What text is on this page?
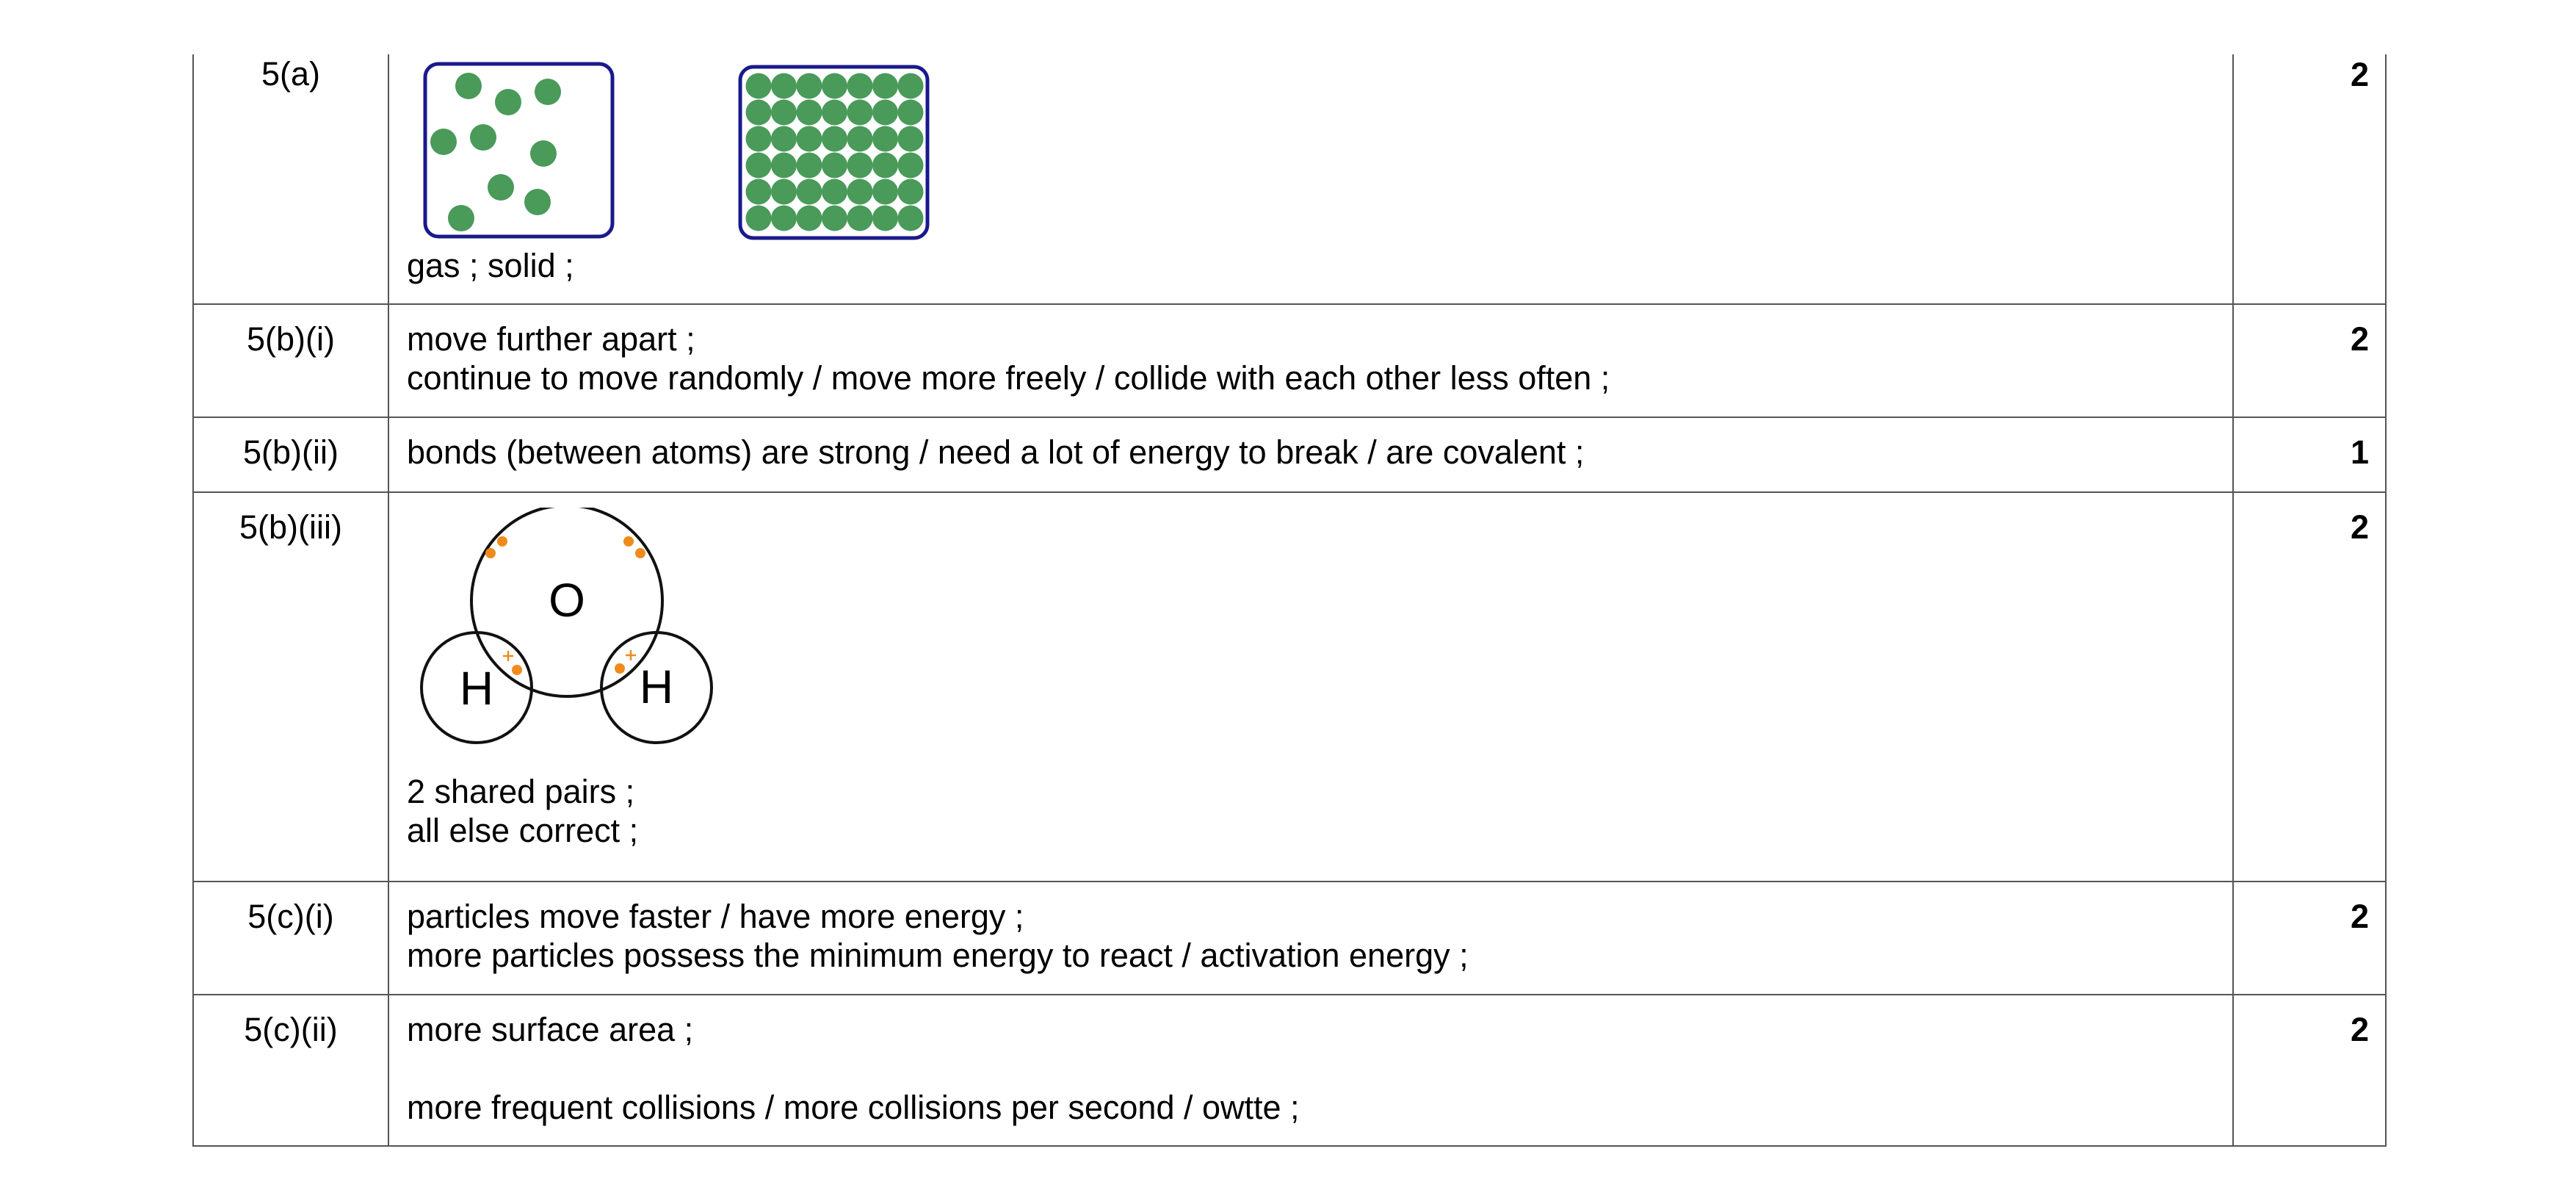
5(a)	gas ; solid ;	2
5(b)(i)	move further apart ;
continue to move randomly / move more freely / collide with each other less often ;	2
5(b)(ii)	bonds (between atoms) are strong / need a lot of energy to break / are covalent ;	1
5(b)(iii)	O
H H
2 shared pairs ;
all else correct ;	2
5(c)(i)	particles move faster / have more energy ;
more particles possess the minimum energy to react / activation energy ;	2
5(c)(ii)	more surface area ;
more frequent collisions / more collisions per second / owtte ;	2
